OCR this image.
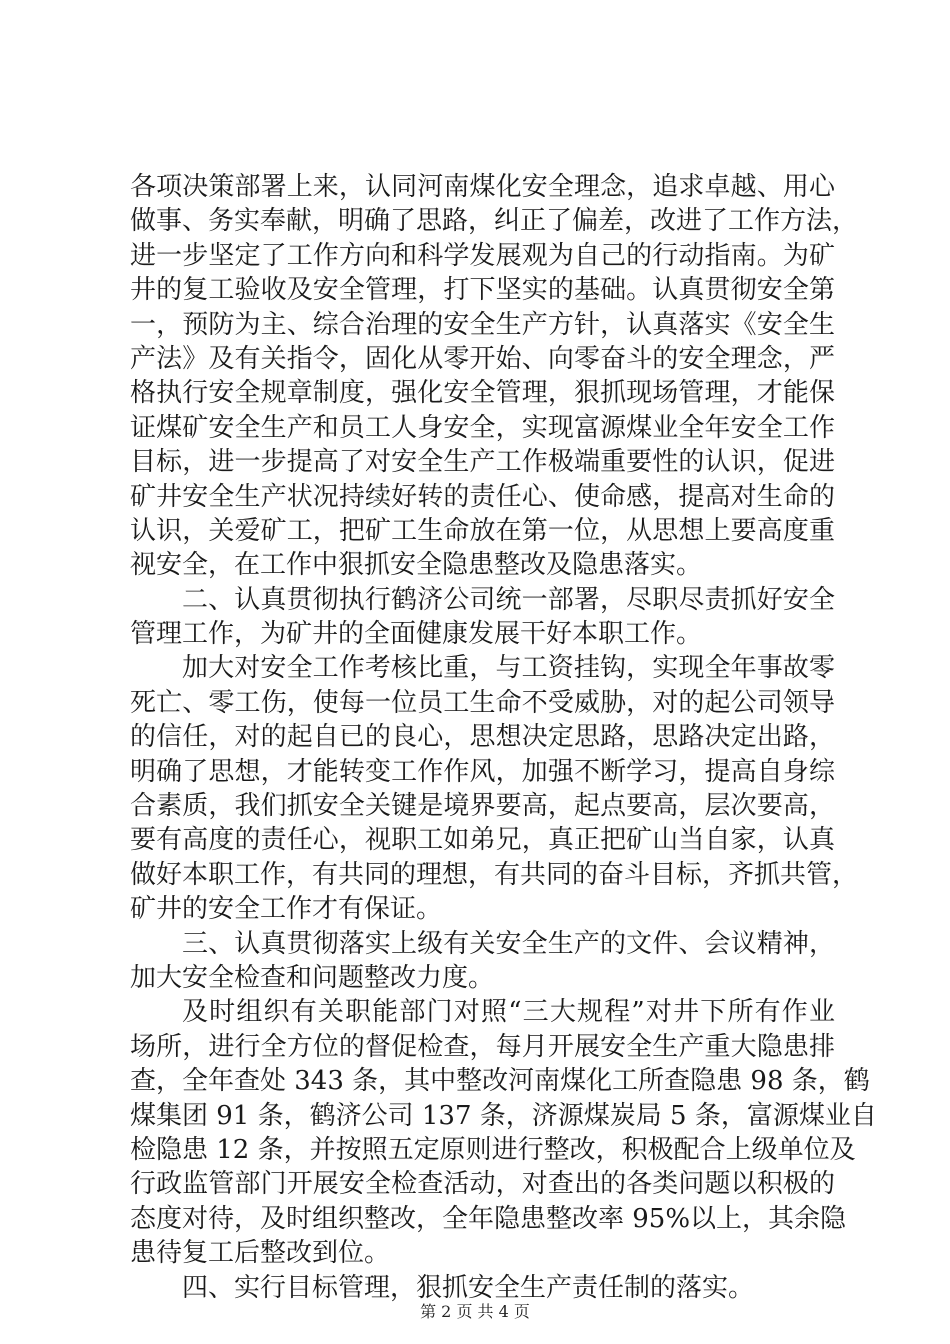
各项决策部署上来，认同河南煤化安全理念，追求卓越、用心
做事、务实奉献，明确了思路，纠正了偏差，改进了工作方法，
进一步坚定了工作方向和科学发展观为自己的行动指南。为矿
井的复工验收及安全管理，打下坚实的基础。认真贯彻安全第
一，预防为主、综合治理的安全生产方针，认真落实《安全生
产法》及有关指令，固化从零开始、向零奋斗的安全理念，严
格执行安全规章制度，强化安全管理，狠抓现场管理，才能保
证煤矿安全生产和员工人身安全，实现富源煤业全年安全工作
目标，进一步提高了对安全生产工作极端重要性的认识，促进
矿井安全生产状况持续好转的责任心、使命感，提高对生命的
认识，关爱矿工，把矿工生命放在第一位，从思想上要高度重
视安全，在工作中狠抓安全隐患整改及隐患落实。
二、认真贯彻执行鹤济公司统一部署，尽职尽责抓好安全
管理工作，为矿井的全面健康发展干好本职工作。
加大对安全工作考核比重，与工资挂钩，实现全年事故零
死亡、零工伤，使每一位员工生命不受威胁，对的起公司领导
的信任，对的起自已的良心，思想决定思路，思路决定出路，
明确了思想，才能转变工作作风，加强不断学习，提高自身综
合素质，我们抓安全关键是境界要高，起点要高，层次要高，
要有高度的责任心，视职工如弟兄，真正把矿山当自家，认真
做好本职工作，有共同的理想，有共同的奋斗目标，齐抓共管，
矿井的安全工作才有保证。
三、认真贯彻落实上级有关安全生产的文件、会议精神，
加大安全检查和问题整改力度。
及时组织有关职能部门对照“三大规程”对井下所有作业
场所，进行全方位的督促检查，每月开展安全生产重大隐患排
查，全年查处 343 条，其中整改河南煤化工所查隐患 98 条，鹤
煤集团 91 条，鹤济公司 137 条，济源煤炭局 5 条，富源煤业自
检隐患 12 条，并按照五定原则进行整改，积极配合上级单位及
行政监管部门开展安全检查活动，对查出的各类问题以积极的
态度对待，及时组织整改，全年隐患整改率 95%以上，其余隐
患待复工后整改到位。
四、实行目标管理，狠抓安全生产责任制的落实。
第 2 页 共 4 页
